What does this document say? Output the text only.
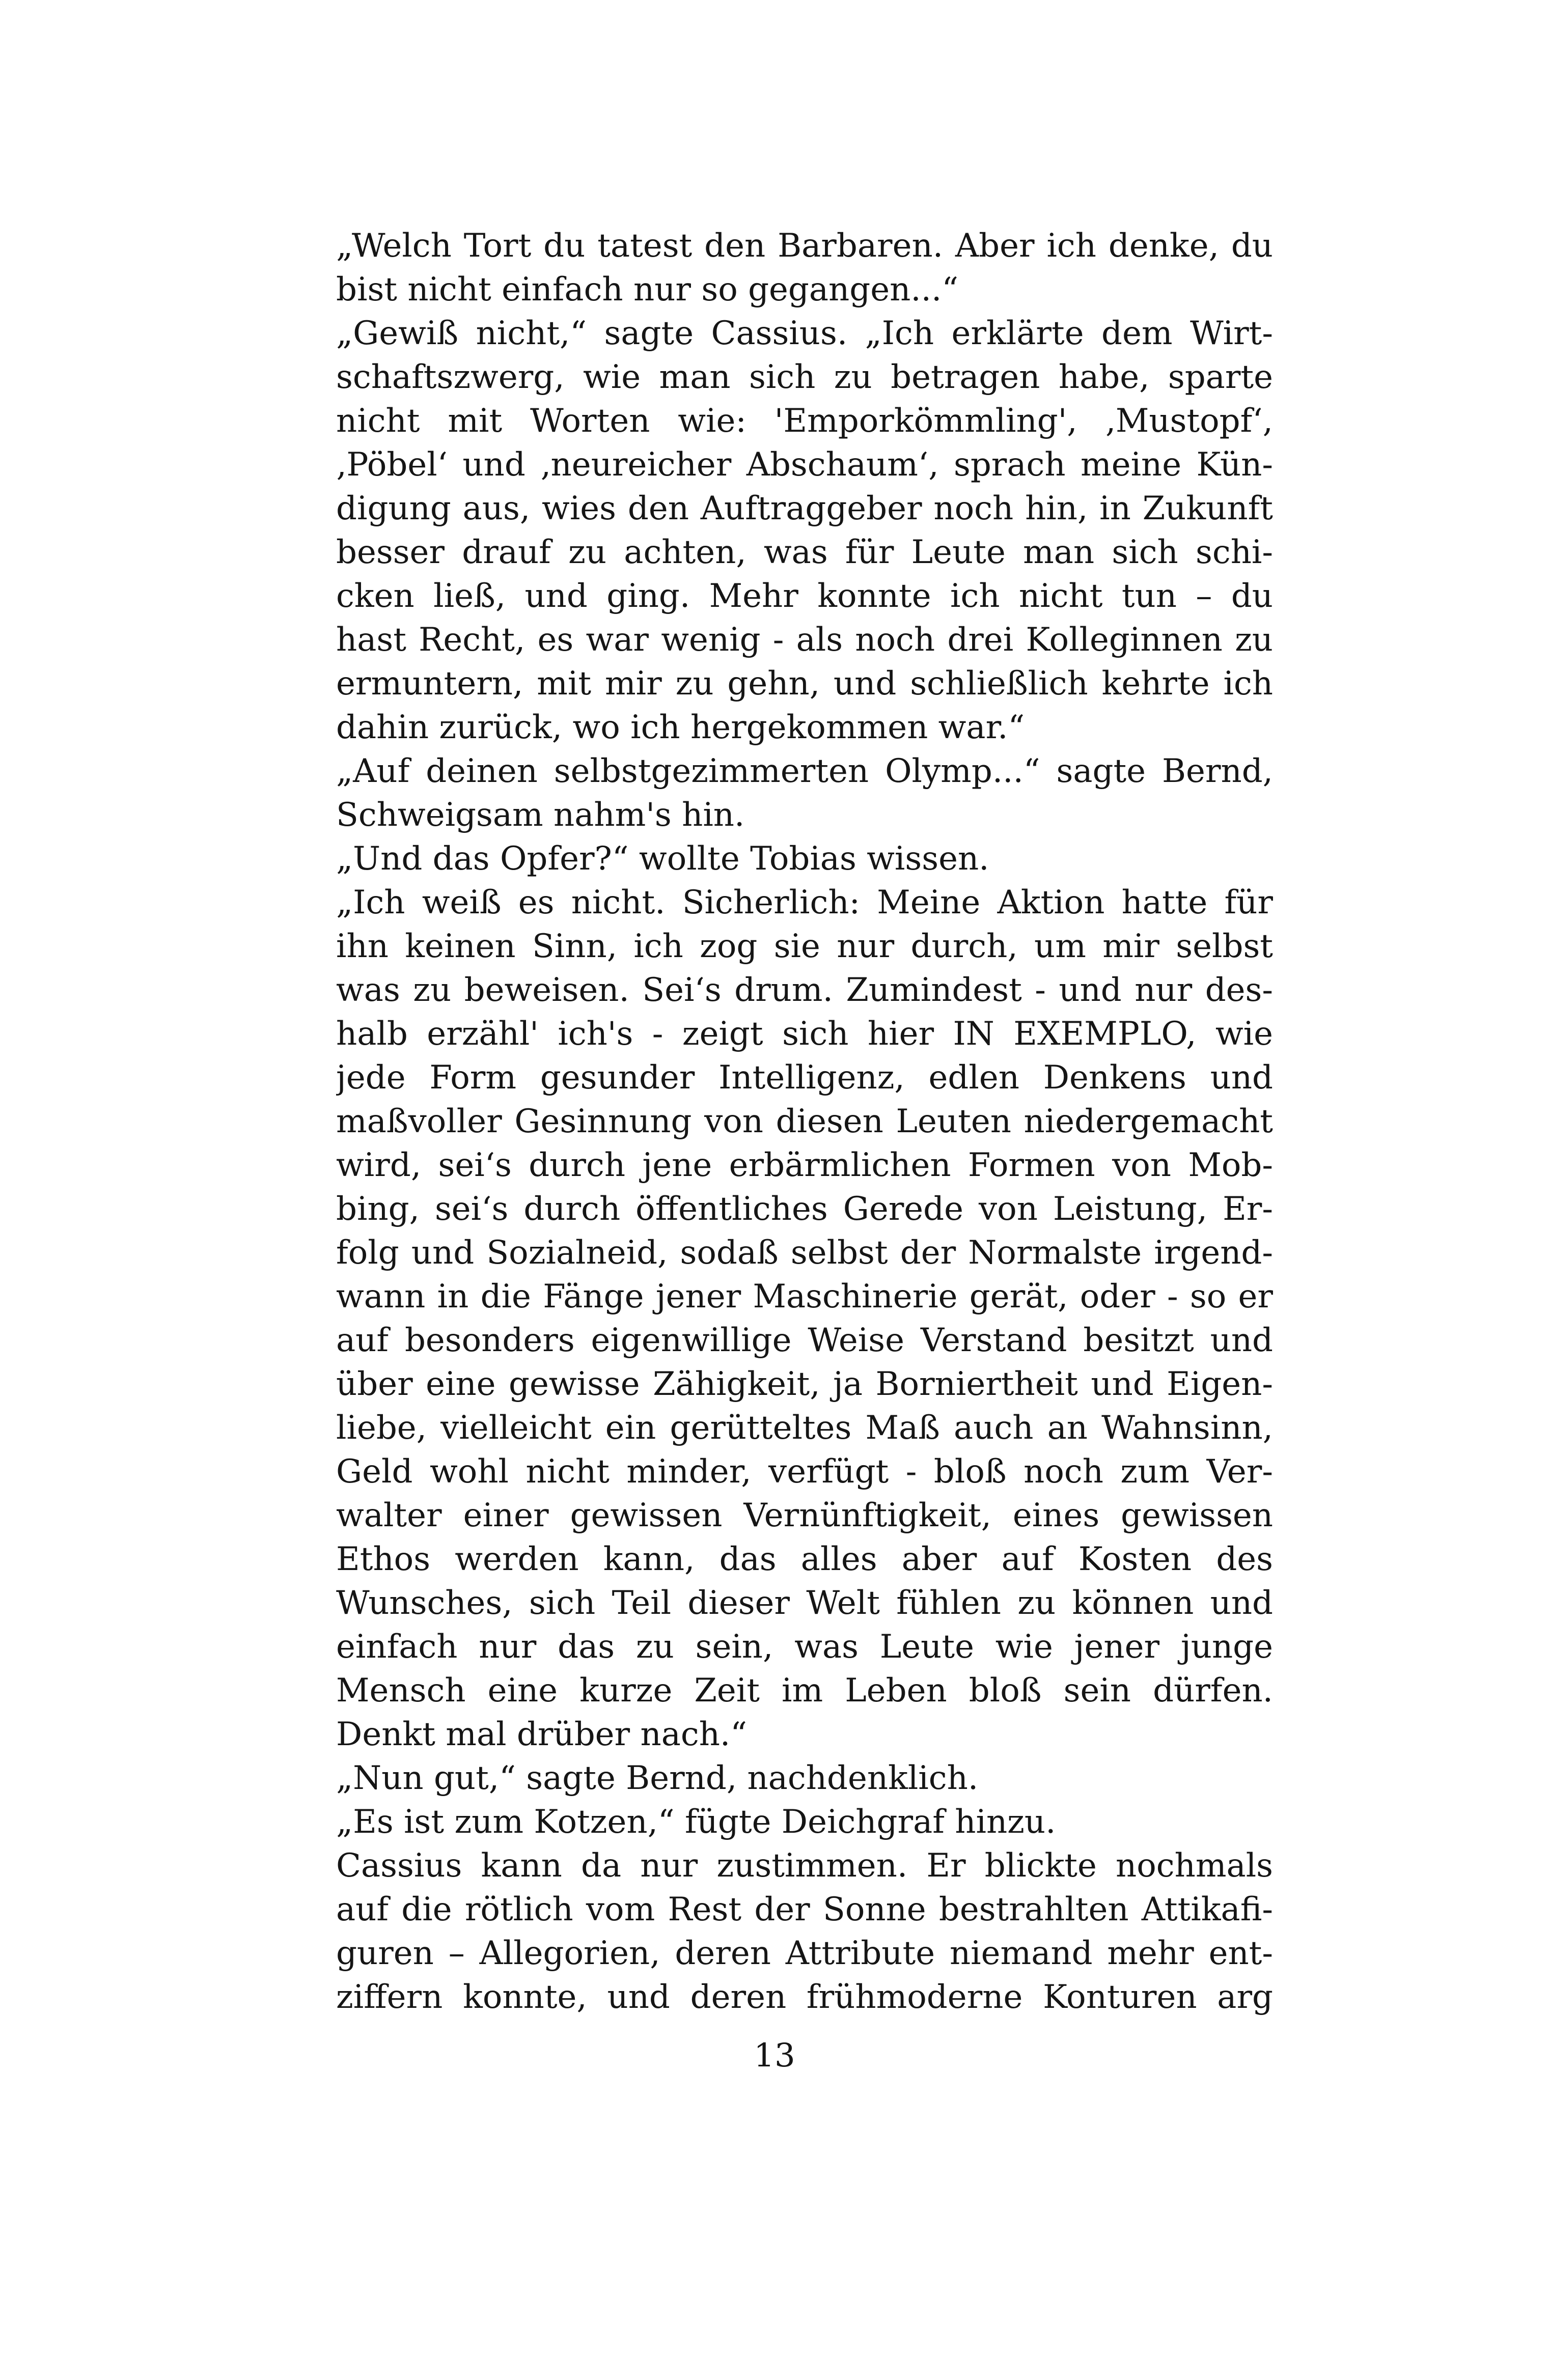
„Welch Tort du tatest den Barbaren. Aber ich denke, du
bist nicht einfach nur so gegangen...“
„Gewiß nicht,“ sagte Cassius. „Ich erklärte dem Wirt-
schaftszwerg, wie man sich zu betragen habe, sparte
nicht mit Worten wie: 'Emporkömmling', ‚Mustopf‘,
‚Pöbel‘ und ‚neureicher Abschaum‘, sprach meine Kün-
digung aus, wies den Auftraggeber noch hin, in Zukunft
besser drauf zu achten, was für Leute man sich schi-
cken ließ, und ging. Mehr konnte ich nicht tun – du
hast Recht, es war wenig - als noch drei Kolleginnen zu
ermuntern, mit mir zu gehn, und schließlich kehrte ich
dahin zurück, wo ich hergekommen war.“
„Auf deinen selbstgezimmerten Olymp...“ sagte Bernd,
Schweigsam nahm's hin.
„Und das Opfer?“ wollte Tobias wissen.
„Ich weiß es nicht. Sicherlich: Meine Aktion hatte für
ihn keinen Sinn, ich zog sie nur durch, um mir selbst
was zu beweisen. Sei‘s drum. Zumindest - und nur des-
halb erzähl' ich's - zeigt sich hier IN EXEMPLO, wie
jede Form gesunder Intelligenz, edlen Denkens und
maßvoller Gesinnung von diesen Leuten niedergemacht
wird, sei‘s durch jene erbärmlichen Formen von Mob-
bing, sei‘s durch öffentliches Gerede von Leistung, Er-
folg und Sozialneid, sodaß selbst der Normalste irgend-
wann in die Fänge jener Maschinerie gerät, oder - so er
auf besonders eigenwillige Weise Verstand besitzt und
über eine gewisse Zähigkeit, ja Borniertheit und Eigen-
liebe, vielleicht ein gerütteltes Maß auch an Wahnsinn,
Geld wohl nicht minder, verfügt - bloß noch zum Ver-
walter einer gewissen Vernünftigkeit, eines gewissen
Ethos werden kann, das alles aber auf Kosten des
Wunsches, sich Teil dieser Welt fühlen zu können und
einfach nur das zu sein, was Leute wie jener junge
Mensch eine kurze Zeit im Leben bloß sein dürfen.
Denkt mal drüber nach.“
„Nun gut,“ sagte Bernd, nachdenklich.
„Es ist zum Kotzen,“ fügte Deichgraf hinzu.
Cassius kann da nur zustimmen. Er blickte nochmals
auf die rötlich vom Rest der Sonne bestrahlten Attikafi-
guren – Allegorien, deren Attribute niemand mehr ent-
ziffern konnte, und deren frühmoderne Konturen arg
13
